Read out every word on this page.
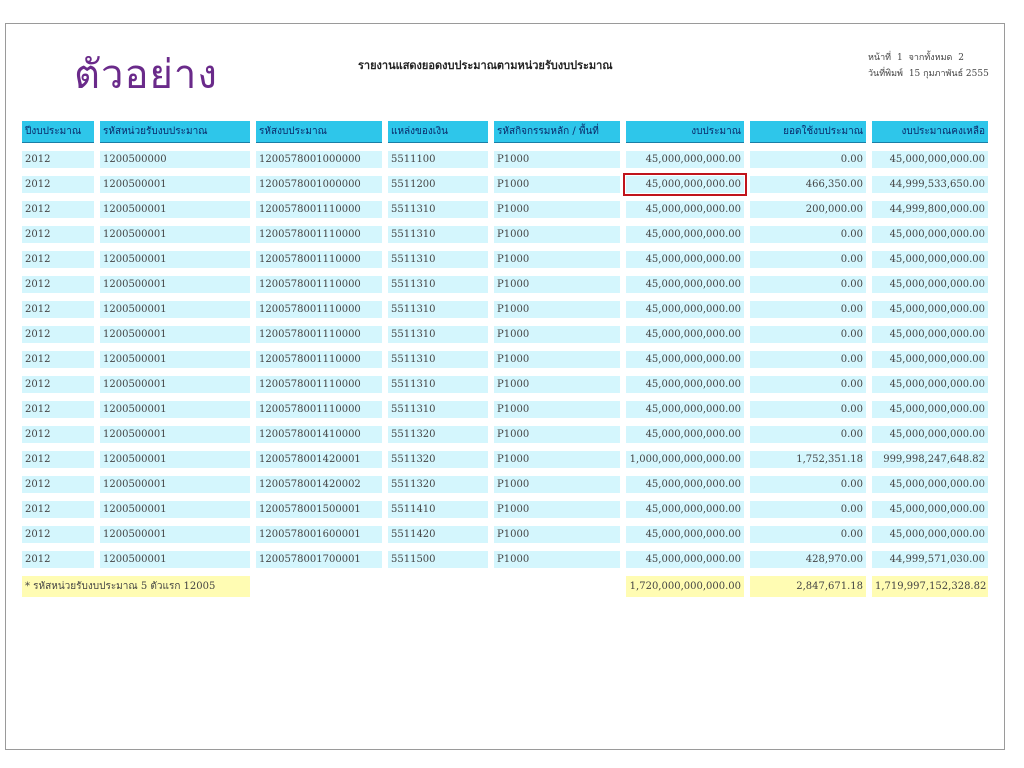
ตัวอย่าง	รายงานแสดงยอดงบประมาณตามหน่วยรับงบประมาณ
หน้าที่ 1 จากทั้งหมด 2
วันที่พิมพ์ 15 กุมภาพันธ์ 2555
ปีงบประมาณ	รหัสหน่วยรับงบประมาณ	รหัสงบประมาณ	แหล่งของเงิน	รหัสกิจกรรมหลัก / พื้นที่	งบประมาณ	ยอดใช้งบประมาณ	งบประมาณคงเหลือ
2012	1200500000	1200578001000000	5511100	P1000	45,000,000,000.00	0.00	45,000,000,000.00
2012	1200500001	1200578001000000	5511200	P1000	45,000,000,000.00	466,350.00	44,999,533,650.00
2012	1200500001	1200578001110000	5511310	P1000	45,000,000,000.00	200,000.00	44,999,800,000.00
2012	1200500001	1200578001110000	5511310	P1000	45,000,000,000.00	0.00	45,000,000,000.00
2012	1200500001	1200578001110000	5511310	P1000	45,000,000,000.00	0.00	45,000,000,000.00
2012	1200500001	1200578001110000	5511310	P1000	45,000,000,000.00	0.00	45,000,000,000.00
2012	1200500001	1200578001110000	5511310	P1000	45,000,000,000.00	0.00	45,000,000,000.00
2012	1200500001	1200578001110000	5511310	P1000	45,000,000,000.00	0.00	45,000,000,000.00
2012	1200500001	1200578001110000	5511310	P1000	45,000,000,000.00	0.00	45,000,000,000.00
2012	1200500001	1200578001110000	5511310	P1000	45,000,000,000.00	0.00	45,000,000,000.00
2012	1200500001	1200578001110000	5511310	P1000	45,000,000,000.00	0.00	45,000,000,000.00
2012	1200500001	1200578001410000	5511320	P1000	45,000,000,000.00	0.00	45,000,000,000.00
2012	1200500001	1200578001420001	5511320	P1000	1,000,000,000,000.00	1,752,351.18	999,998,247,648.82
2012	1200500001	1200578001420002	5511320	P1000	45,000,000,000.00	0.00	45,000,000,000.00
2012	1200500001	1200578001500001	5511410	P1000	45,000,000,000.00	0.00	45,000,000,000.00
2012	1200500001	1200578001600001	5511420	P1000	45,000,000,000.00	0.00	45,000,000,000.00
2012	1200500001	1200578001700001	5511500	P1000	45,000,000,000.00	428,970.00	44,999,571,030.00
* รหัสหน่วยรับงบประมาณ 5 ตัวแรก 12005					1,720,000,000,000.00	2,847,671.18	1,719,997,152,328.82
